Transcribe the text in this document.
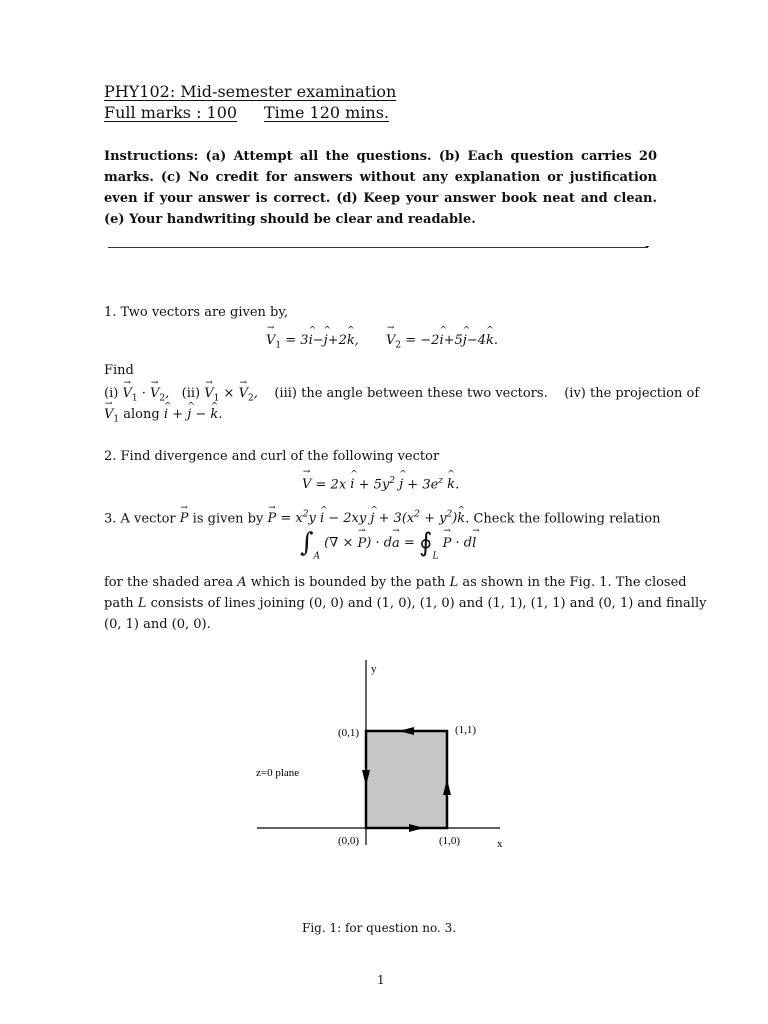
PHY102: Mid-semester examination
Full marks : 100 Time 120 mins.
Instructions: (a) Attempt all the questions. (b) Each question carries 20 marks. (c) No credit for answers without any explanation or justification even if your answer is correct. (d) Keep your answer book neat and clean. (e) Your handwriting should be clear and readable.
-
1. Two vectors are given by,
→ $V_1$ = 3^ i−^ j+2^ k, → $V_2$ = −2^ i+5^ j−4^ k.
Find
$(i) \to V_1$ · → $V_2$, $(ii) \to V_1$ × → $V_2$, (iii) the angle between these two vectors. (iv) the projection of
→ $V_1$ along ^ i + ^ j − ^ k.
2. Find divergence and curl of the following vector
→ V = 2x ^ $i + 5y^2$ ^ $j + 3e^z$ ^ k.
3. A vector → P is given by → $P = x^2y$ ^ i − 2xy ^ $j + 3(x^2$ + $y^2)\^{}$ k. Check the following relation
$\int_A$ (∇ × → $P) \cdot d\to a = ∮_L \to P \cdot d\to l$
for the shaded area A which is bounded by the path L as shown in the Fig. 1. The closed
path L consists of lines joining (0, 0) and (1, 0), (1, 0) and (1, 1), (1, 1) and (0, 1) and finally
(0, 1) and (0, 0).
y
x
z=0 plane
(0,1)	(1,1)
(0,0)	(1,0)
Fig. 1: for question no. 3.
1
